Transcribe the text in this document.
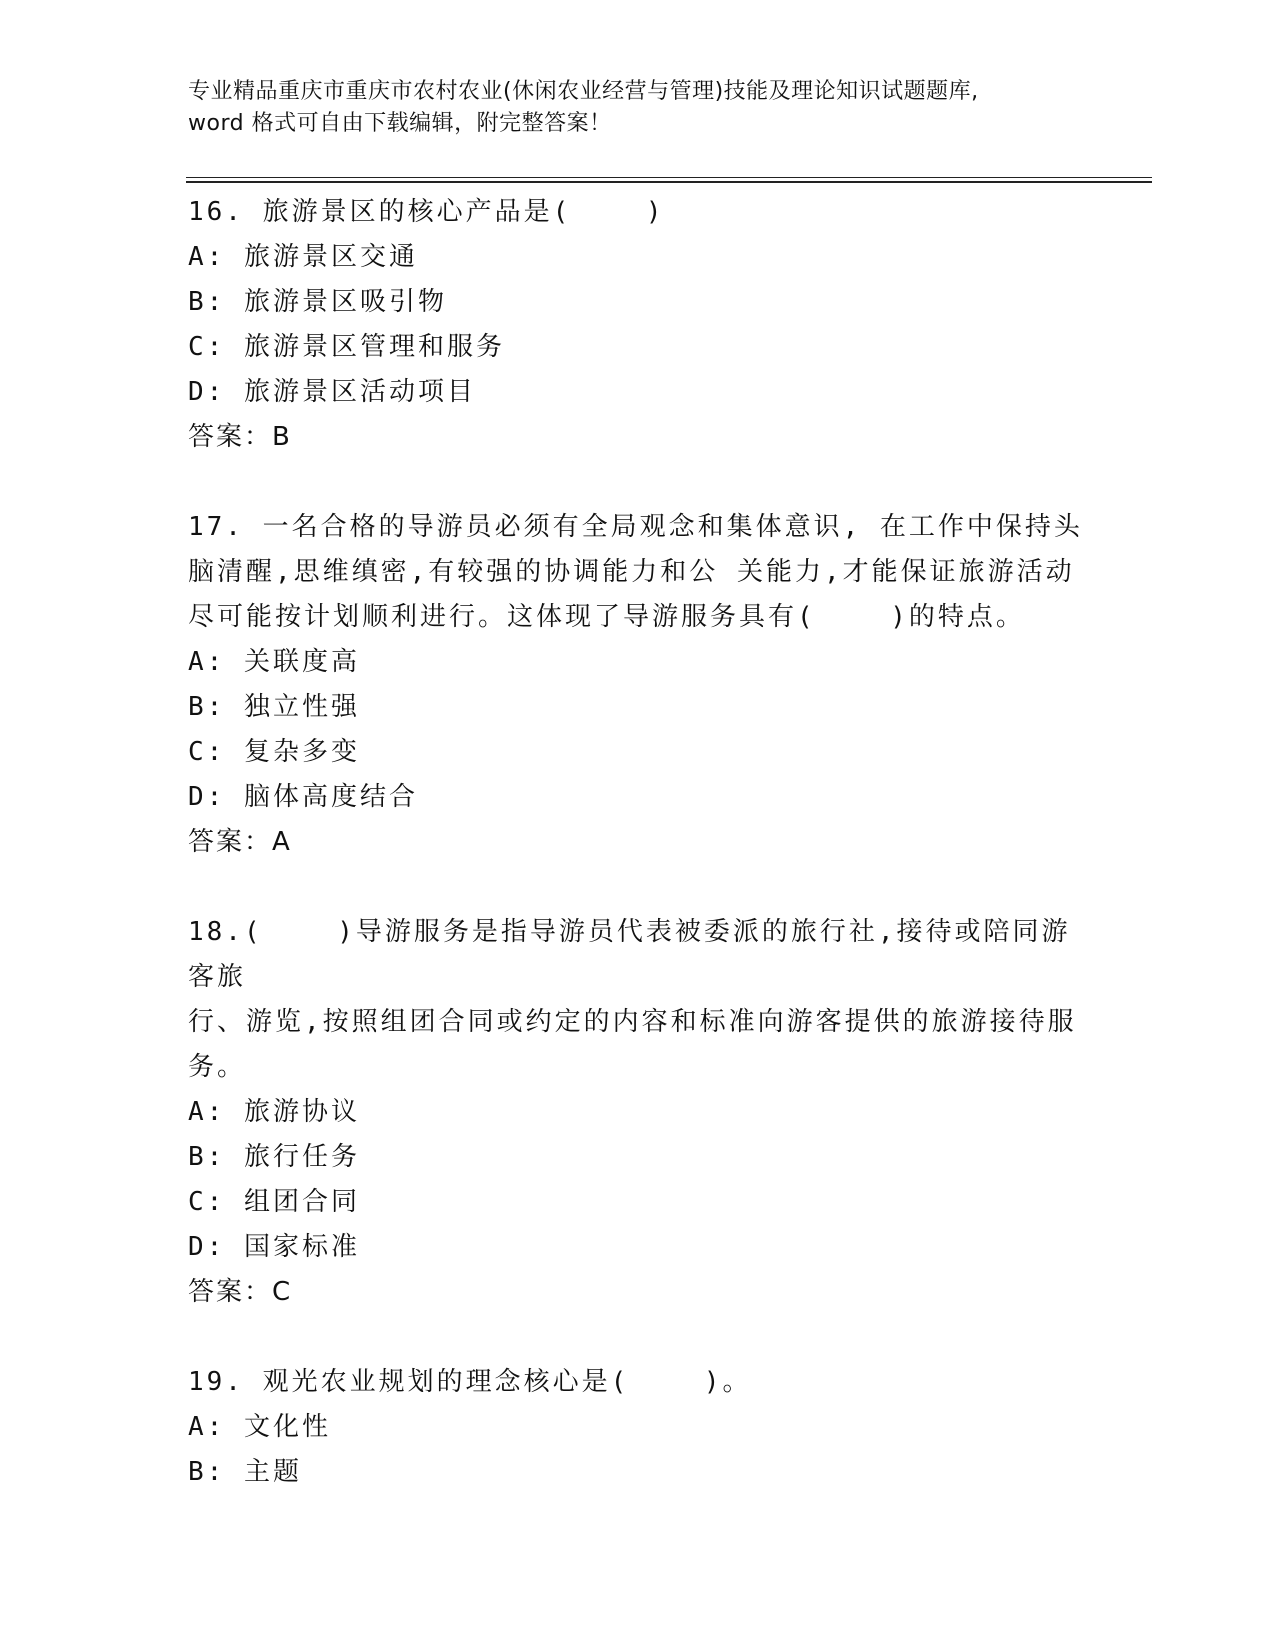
专业精品重庆市重庆市农村农业(休闲农业经营与管理)技能及理论知识试题题库,
word 格式可自由下载编辑，附完整答案！

16. 旅游景区的核心产品是(    )

A: 旅游景区交通

B: 旅游景区吸引物

C: 旅游景区管理和服务

D: 旅游景区活动项目

答案：B

17. 一名合格的导游员必须有全局观念和集体意识, 在工作中保持头

脑清醒,思维缜密,有较强的协调能力和公 关能力,才能保证旅游活动

尽可能按计划顺利进行。这体现了导游服务具有(    )的特点。

A: 关联度高

B: 独立性强

C: 复杂多变

D: 脑体高度结合

答案：A

18.(    )导游服务是指导游员代表被委派的旅行社,接待或陪同游客旅

行、游览,按照组团合同或约定的内容和标准向游客提供的旅游接待服

务。

A: 旅游协议

B: 旅行任务

C: 组团合同

D: 国家标准

答案：C

19. 观光农业规划的理念核心是(    )。

A: 文化性

B: 主题
